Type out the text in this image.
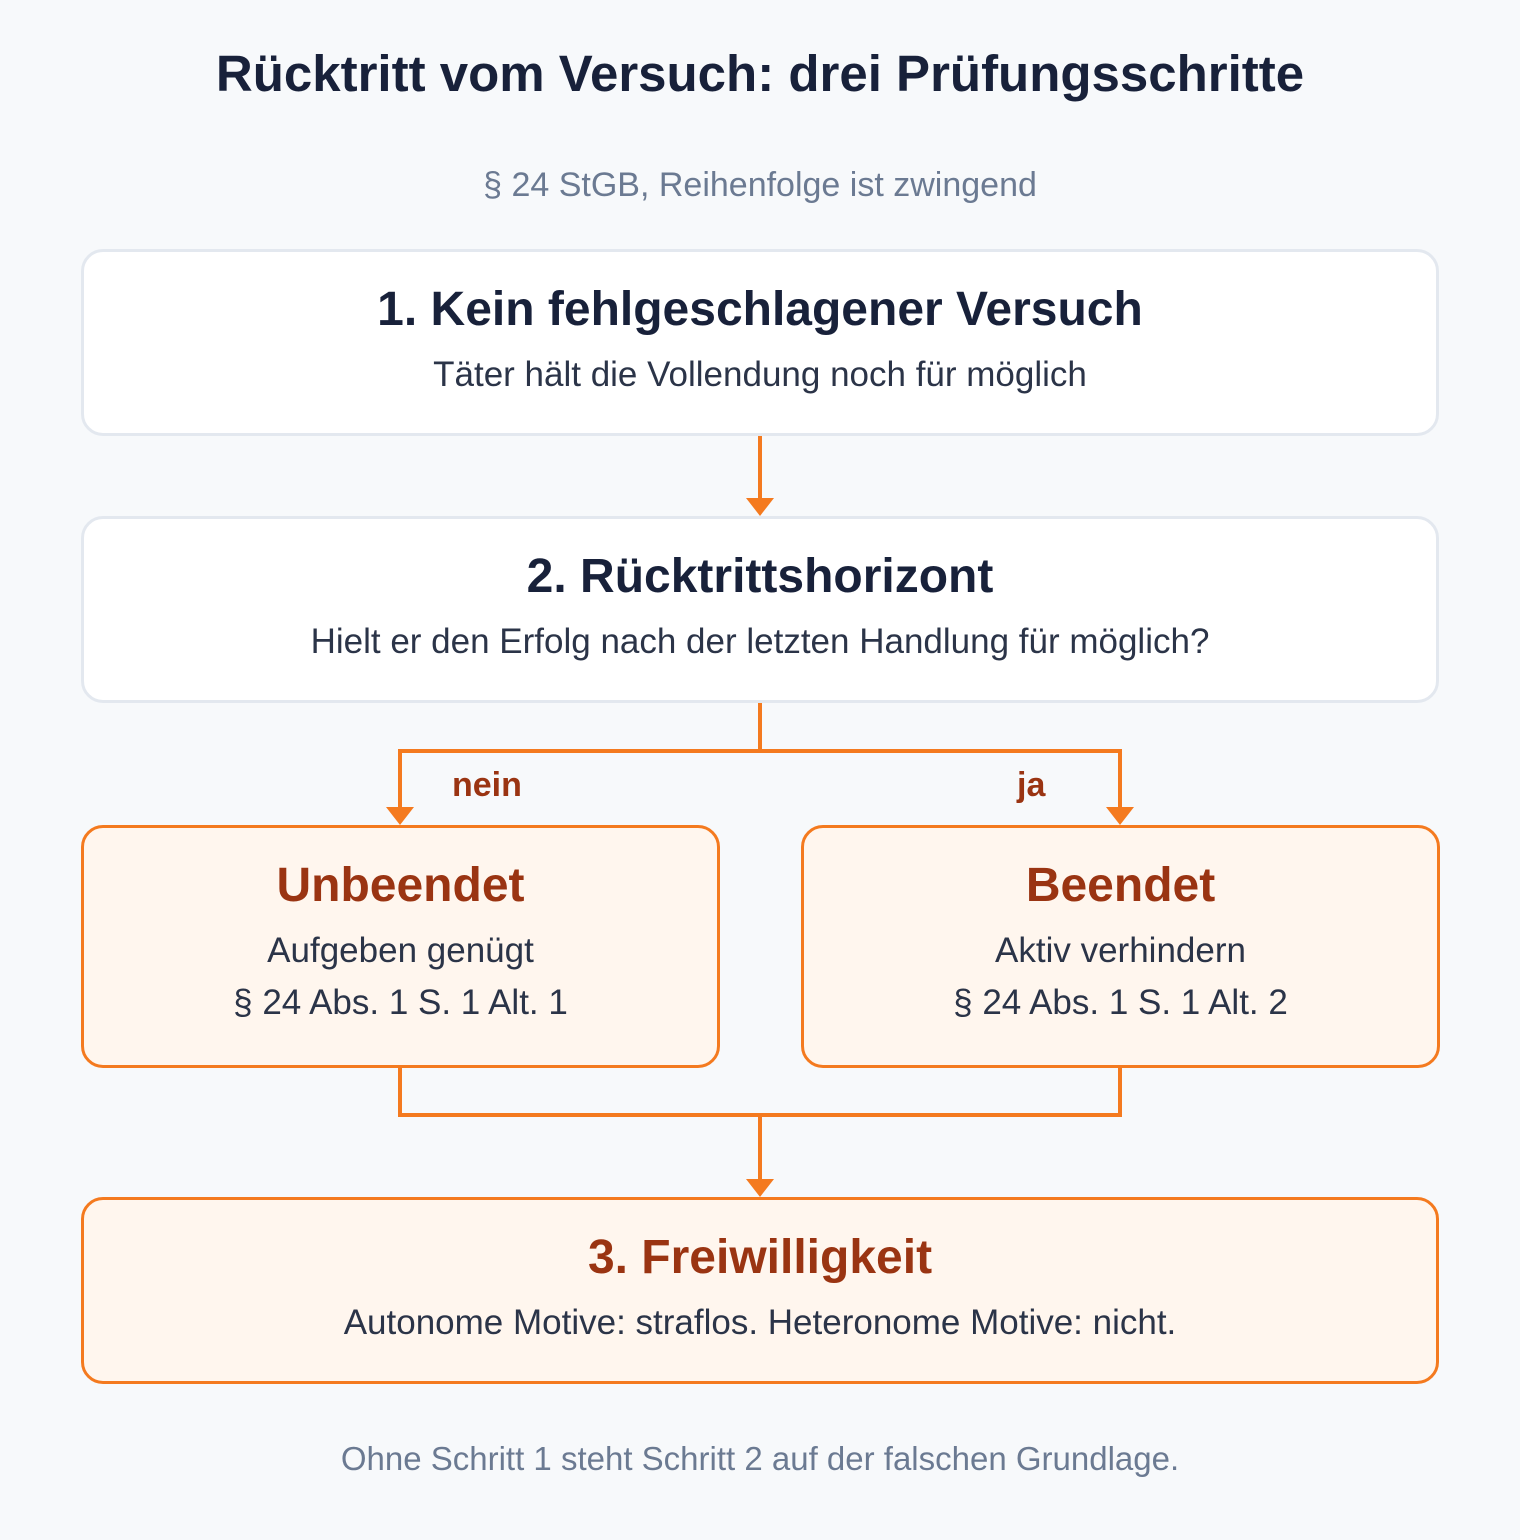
Rücktritt vom Versuch: drei Prüfungsschritte
§ 24 StGB, Reihenfolge ist zwingend
1. Kein fehlgeschlagener Versuch
Täter hält die Vollendung noch für möglich
2. Rücktrittshorizont
Hielt er den Erfolg nach der letzten Handlung für möglich?
nein	ja
Unbeendet
Aufgeben genügt
§ 24 Abs. 1 S. 1 Alt. 1
Beendet
Aktiv verhindern
§ 24 Abs. 1 S. 1 Alt. 2
3. Freiwilligkeit
Autonome Motive: straflos. Heteronome Motive: nicht.
Ohne Schritt 1 steht Schritt 2 auf der falschen Grundlage.
